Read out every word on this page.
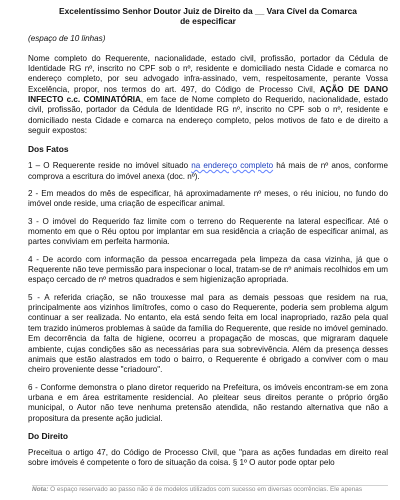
Excelentíssimo Senhor Doutor Juiz de Direito da __ Vara Cível da Comarca
de especificar
(espaço de 10 linhas)

Nome completo do Requerente, nacionalidade, estado civil, profissão, portador da Cédula de Identidade RG nº, inscrito no CPF sob o nº, residente e domiciliado nesta Cidade e comarca no endereço completo, por seu advogado infra-assinado, vem, respeitosamente, perante Vossa Excelência, propor, nos termos do art. 497, do Código de Processo Civil, AÇÃO DE DANO INFECTO c.c. COMINATÓRIA, em face de Nome completo do Requerido, nacionalidade, estado civil, profissão, portador da Cédula de Identidade RG nº, inscrito no CPF sob o nº, residente e domiciliado nesta Cidade e comarca na endereço completo, pelos motivos de fato e de direito a seguir expostos:

Dos Fatos

1 – O Requerente reside no imóvel situado na endereço completo há mais de nº anos, conforme comprova a escritura do imóvel anexa (doc. nº).

2 - Em meados do mês de especificar, há aproximadamente nº meses, o réu iniciou, no fundo do imóvel onde reside, uma criação de especificar animal.

3 - O imóvel do Requerido faz limite com o terreno do Requerente na lateral especificar. Até o momento em que o Réu optou por implantar em sua residência a criação de especificar animal, as partes conviviam em perfeita harmonia.

4 - De acordo com informação da pessoa encarregada pela limpeza da casa vizinha, já que o Requerente não teve permissão para inspecionar o local, tratam-se de nº animais recolhidos em um espaço cercado de nº metros quadrados e sem higienização apropriada.

5 - A referida criação, se não trouxesse mal para as demais pessoas que residem na rua, principalmente aos vizinhos limítrofes, como o caso do Requerente, poderia sem problema algum continuar a ser realizada. No entanto, ela está sendo feita em local inapropriado, razão pela qual tem trazido inúmeros problemas à saúde da família do Requerente, que reside no imóvel geminado. Em decorrência da falta de higiene, ocorreu a propagação de moscas, que migraram daquele ambiente, cujas condições são as necessárias para sua sobrevivência. Além da presença desses animais que estão alastrados em todo o bairro, o Requerente é obrigado a conviver com o mau cheiro proveniente desse "criadouro".

6 - Conforme demonstra o plano diretor requerido na Prefeitura, os imóveis encontram-se em zona urbana e em área estritamente residencial. Ao pleitear seus direitos perante o próprio órgão municipal, o Autor não teve nenhuma pretensão atendida, não restando alternativa que não a propositura da presente ação judicial.

Do Direito

Preceitua o artigo 47, do Código de Processo Civil, que "para as ações fundadas em direito real sobre imóveis é competente o foro de situação da coisa. § 1º O autor pode optar pelo

Nota: O espaço reservado ao passo não é de modelos utilizados com sucesso em diversas ocorrências. Ele apenas
